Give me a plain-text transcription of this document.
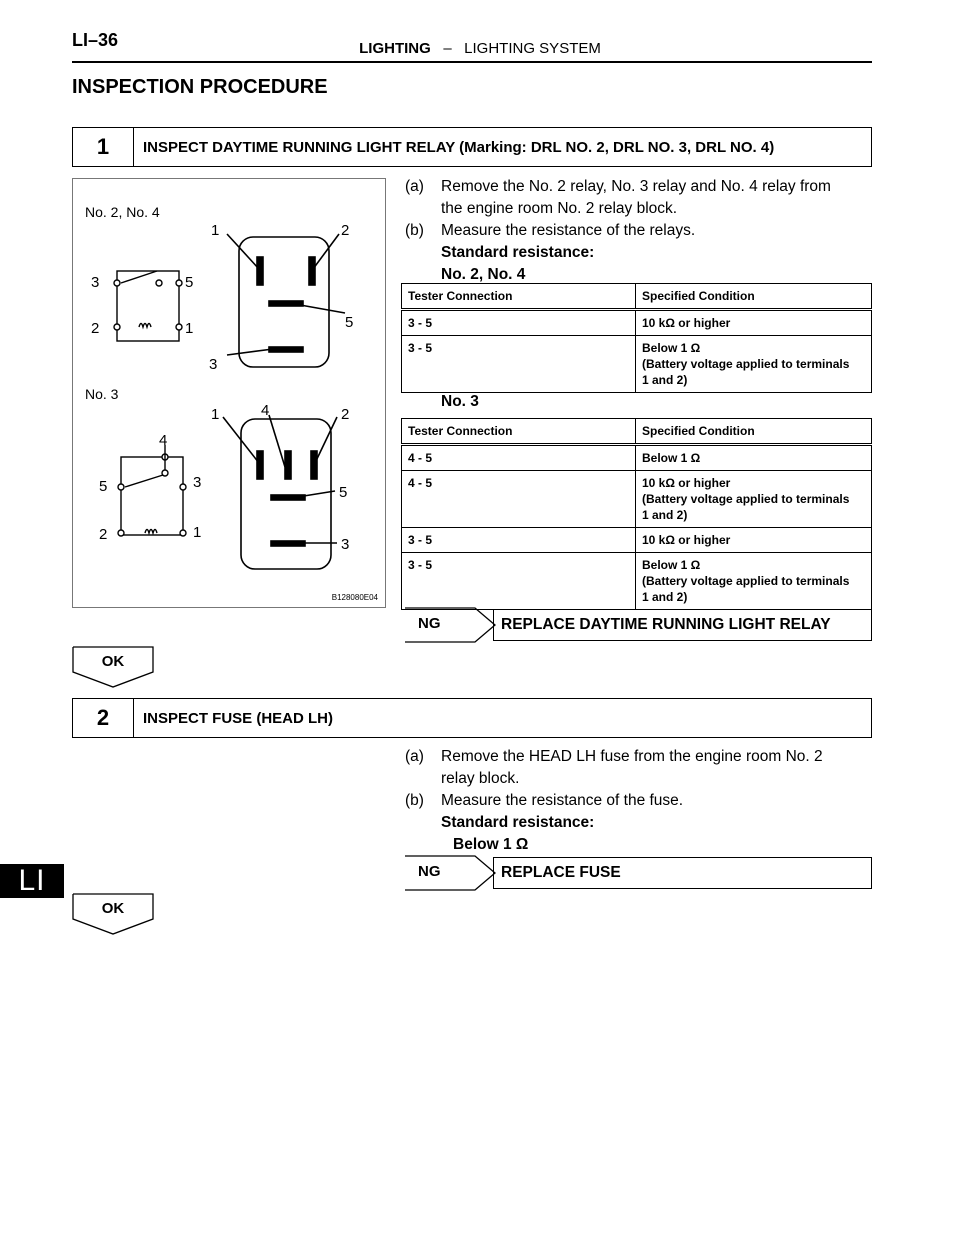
LI–36	LIGHTING – LIGHTING SYSTEM
INSPECTION PROCEDURE
1	INSPECT DAYTIME RUNNING LIGHT RELAY (Marking: DRL NO. 2, DRL NO. 3, DRL NO. 4)
No. 2, No. 4
3	5
2	1
1	2
5
3
No. 3
4
5	3
2	1
1	4	2
5
3
B128080E04
(a) Remove the No. 2 relay, No. 3 relay and No. 4 relay from
the engine room No. 2 relay block.
(b) Measure the resistance of the relays.
Standard resistance:
No. 2, No. 4
Tester Connection	Specified Condition
3 - 5	10 kΩ or higher

3 - 5	Below 1 Ω
(Battery voltage applied to terminals
1 and 2)
No. 3
Tester Connection	Specified Condition
4 - 5	Below 1 Ω

4 - 5	10 kΩ or higher
(Battery voltage applied to terminals
1 and 2)

3 - 5	10 kΩ or higher

3 - 5	Below 1 Ω
(Battery voltage applied to terminals
1 and 2)
NG	REPLACE DAYTIME RUNNING LIGHT RELAY
OK
2	INSPECT FUSE (HEAD LH)
(a) Remove the HEAD LH fuse from the engine room No. 2
relay block.
(b) Measure the resistance of the fuse.
Standard resistance:
Below 1 Ω
NG	REPLACE FUSE
OK
LI
